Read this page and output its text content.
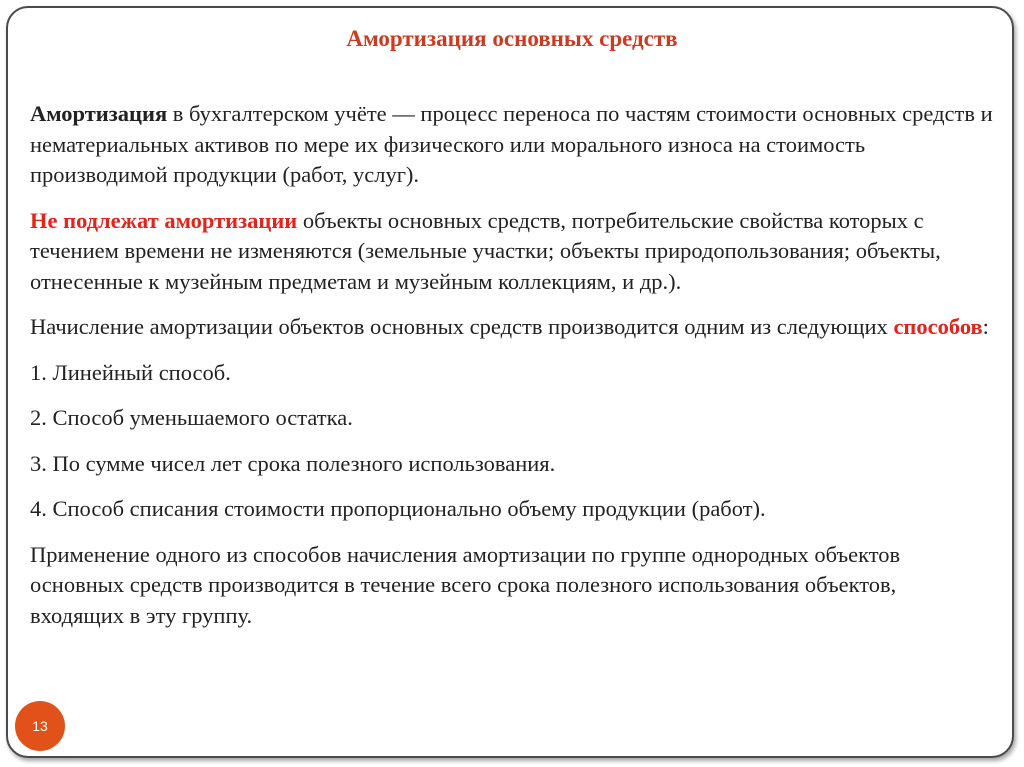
Амортизация основных средств

Амортизация в бухгалтерском учёте — процесс переноса по частям стоимости основных средств и нематериальных активов по мере их физического или морального износа на стоимость производимой продукции (работ, услуг).

Не подлежат амортизации объекты основных средств, потребительские свойства которых с течением времени не изменяются (земельные участки; объекты природопользования; объекты, отнесенные к музейным предметам и музейным коллекциям, и др.).

Начисление амортизации объектов основных средств производится одним из следующих способов:

1. Линейный способ.

2. Способ уменьшаемого остатка.

3. По сумме чисел лет срока полезного использования.

4. Способ списания стоимости пропорционально объему продукции (работ).

Применение одного из способов начисления амортизации по группе однородных объектов основных средств производится в течение всего срока полезного использования объектов, входящих в эту группу.

13
